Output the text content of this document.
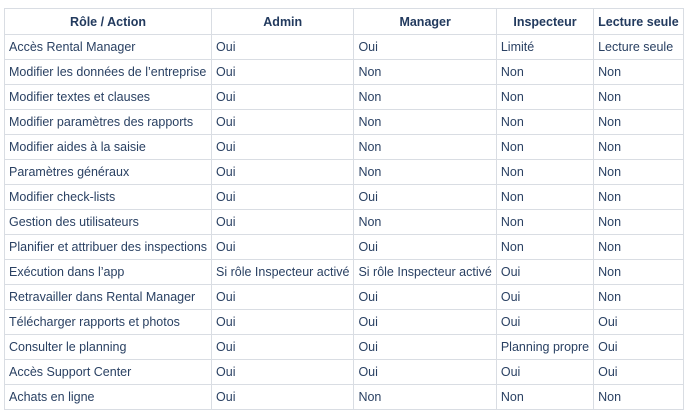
Rôle / Action	Admin	Manager	Inspecteur	Lecture seule
Accès Rental Manager	Oui	Oui	Limité	Lecture seule
Modifier les données de l’entreprise	Oui	Non	Non	Non
Modifier textes et clauses	Oui	Non	Non	Non
Modifier paramètres des rapports	Oui	Non	Non	Non
Modifier aides à la saisie	Oui	Non	Non	Non
Paramètres généraux	Oui	Non	Non	Non
Modifier check-lists	Oui	Oui	Non	Non
Gestion des utilisateurs	Oui	Non	Non	Non
Planifier et attribuer des inspections	Oui	Oui	Non	Non
Exécution dans l’app	Si rôle Inspecteur activé	Si rôle Inspecteur activé	Oui	Non
Retravailler dans Rental Manager	Oui	Oui	Oui	Non
Télécharger rapports et photos	Oui	Oui	Oui	Oui
Consulter le planning	Oui	Oui	Planning propre	Oui
Accès Support Center	Oui	Oui	Oui	Oui
Achats en ligne	Oui	Non	Non	Non
